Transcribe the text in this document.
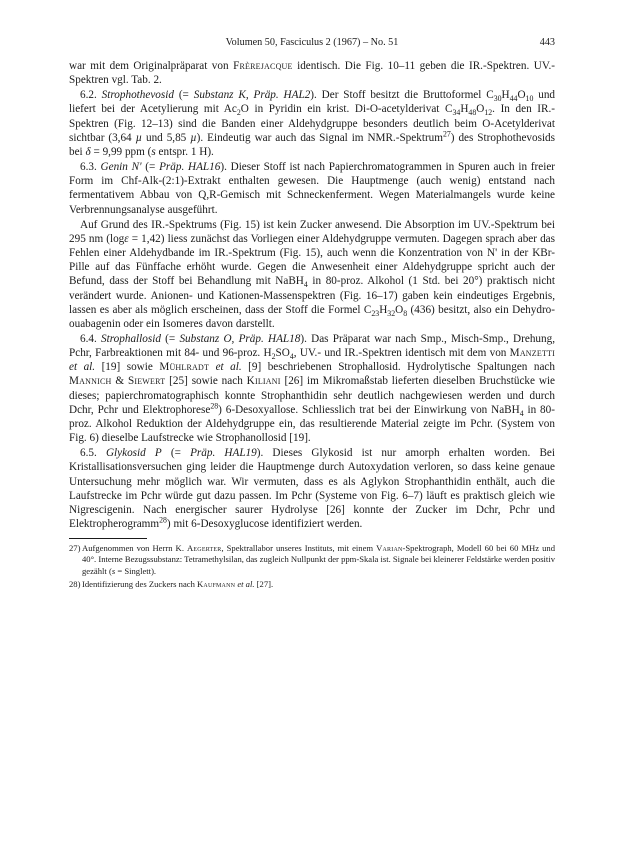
Volumen 50, Fasciculus 2 (1967) – No. 51	443

war mit dem Originalpräparat von Frèrejacque identisch. Die Fig. 10–11 geben die IR.-Spektren. UV.-Spektren vgl. Tab. 2.

6.2. Strophothevosid (= Substanz K, Präp. HAL2). Der Stoff besitzt die Bruttoformel $C_{30}H_{44}O_{10}$ und liefert bei der Acetylierung mit $Ac_2O$ in Pyridin ein krist. Di-O-acetylderivat $C_{34}H_{48}O_{12}$. In den IR.-Spektren (Fig. 12–13) sind die Banden einer Aldehydgruppe besonders deutlich beim O-Acetylderivat sichtbar (3,64 µ und 5,85 µ). Eindeutig war auch das Signal im NMR.-Spektrum$^{27}$) des Strophothevosids bei δ = 9,99 ppm (s entspr. 1 H).

6.3. Genin N' (= Präp. HAL16). Dieser Stoff ist nach Papierchromatogrammen in Spuren auch in freier Form im Chf-Alk-(2:1)-Extrakt enthalten gewesen. Die Hauptmenge (auch wenig) entstand nach fermentativem Abbau von Q,R-Gemisch mit Schneckenferment. Wegen Materialmangels wurde keine Verbrennungsanalyse ausgeführt.

Auf Grund des IR.-Spektrums (Fig. 15) ist kein Zucker anwesend. Die Absorption im UV.-Spektrum bei 295 nm (logε = 1,42) liess zunächst das Vorliegen einer Aldehydgruppe vermuten. Dagegen sprach aber das Fehlen einer Aldehydbande im IR.-Spektrum (Fig. 15), auch wenn die Konzentration von N' in der KBr-Pille auf das Fünffache erhöht wurde. Gegen die Anwesenheit einer Aldehydgruppe spricht auch der Befund, dass der Stoff bei Behandlung mit NaBH$_4$ in 80-proz. Alkohol (1 Std. bei 20°) praktisch nicht verändert wurde. Anionen- und Kationen-Massenspektren (Fig. 16–17) gaben kein eindeutiges Ergebnis, lassen es aber als möglich erscheinen, dass der Stoff die Formel $C_{23}H_{32}O_8$ (436) besitzt, also ein Dehydro-ouabagenin oder ein Isomeres davon darstellt.

6.4. Strophallosid (= Substanz O, Präp. HAL18). Das Präparat war nach Smp., Misch-Smp., Drehung, Pchr, Farbreaktionen mit 84- und 96-proz. $H_2SO_4$, UV.- und IR.-Spektren identisch mit dem von Manzetti et al. [19] sowie Mühlradt et al. [9] beschriebenen Strophallosid. Hydrolytische Spaltungen nach Mannich & Siewert [25] sowie nach Kiliani [26] im Mikromaßstab lieferten dieselben Bruchstücke wie dieses; papierchromatographisch konnte Strophanthidin sehr deutlich nachgewiesen werden und durch Dchr, Pchr und Elektrophorese$^{28}$) 6-Desoxyallose. Schliesslich trat bei der Einwirkung von NaBH$_4$ in 80-proz. Alkohol Reduktion der Aldehydgruppe ein, das resultierende Material zeigte im Pchr. (System von Fig. 6) dieselbe Laufstrecke wie Strophanollosid [19].

6.5. Glykosid P (= Präp. HAL19). Dieses Glykosid ist nur amorph erhalten worden. Bei Kristallisationsversuchen ging leider die Hauptmenge durch Autoxydation verloren, so dass keine genaue Untersuchung mehr möglich war. Wir vermuten, dass es als Aglykon Strophanthidin enthält, auch die Laufstrecke im Pchr würde gut dazu passen. Im Pchr (Systeme von Fig. 6–7) läuft es praktisch gleich wie Nigrescigenin. Nach energischer saurer Hydrolyse [26] konnte der Zucker im Dchr, Pchr und Elektropherogramm$^{28}$) mit 6-Desoxyglucose identifiziert werden.

27) Aufgenommen von Herrn K. Aegerter, Spektrallabor unseres Instituts, mit einem Varian-Spektrograph, Modell 60 bei 60 MHz und 40°. Interne Bezugssubstanz: Tetramethylsilan, das zugleich Nullpunkt der ppm-Skala ist. Signale bei kleinerer Feldstärke werden positiv gezählt (s = Singlett).
28) Identifizierung des Zuckers nach Kaufmann et al. [27].
